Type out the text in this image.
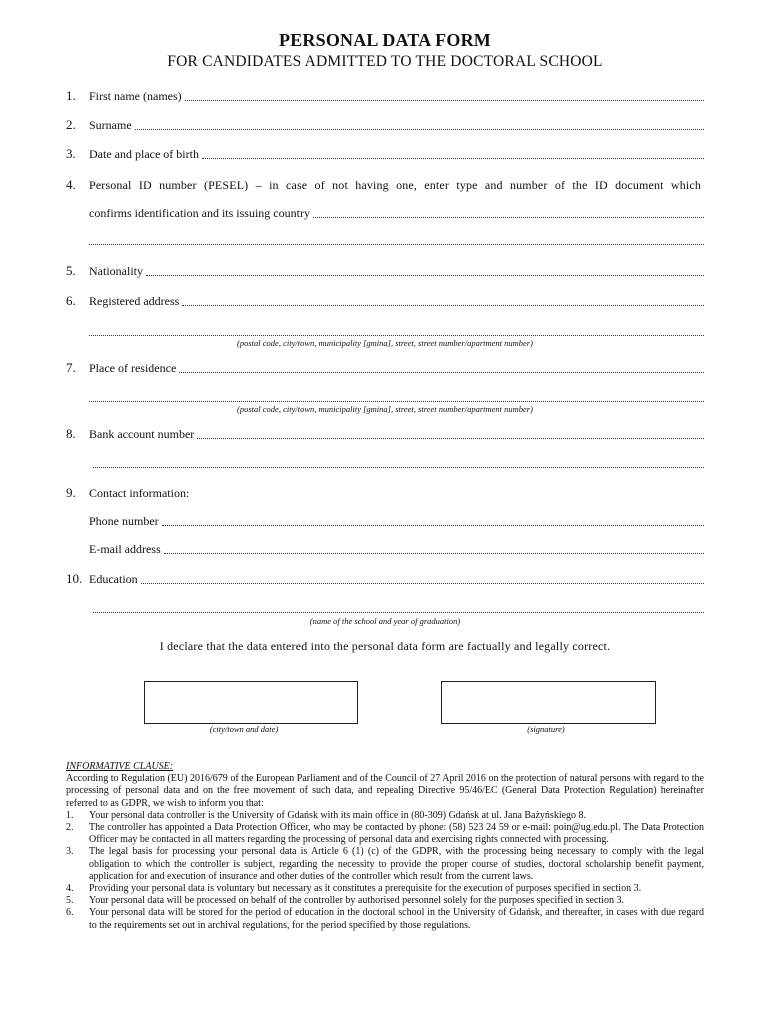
PERSONAL DATA FORM
FOR CANDIDATES ADMITTED TO THE DOCTORAL SCHOOL
1.	First name (names)
2.	Surname
3.	Date and place of birth
4.	Personal ID number (PESEL) – in case of not having one, enter type and number of the ID document which
confirms identification and its issuing country
5.	Nationality
6.	Registered address
(postal code, city/town, municipality [gmina], street, street number/apartment number)
7.	Place of residence
(postal code, city/town, municipality [gmina], street, street number/apartment number)
8.	Bank account number
9.	Contact information:
Phone number
E-mail address
10. Education
(name of the school and year of graduation)
I declare that the data entered into the personal data form are factually and legally correct.
(city/town and date)	(signature)
INFORMATIVE CLAUSE:
According to Regulation (EU) 2016/679 of the European Parliament and of the Council of 27 April 2016 on the protection of natural persons with regard to the processing of personal data and on the free movement of such data, and repealing Directive 95/46/EC (General Data Protection Regulation) hereinafter referred to as GDPR, we wish to inform you that:
1.	Your personal data controller is the University of Gdańsk with its main office in (80-309) Gdańsk at ul. Jana Bażyńskiego 8.
2.	The controller has appointed a Data Protection Officer, who may be contacted by phone: (58) 523 24 59 or e-mail: poin@ug.edu.pl. The Data Protection Officer may be contacted in all matters regarding the processing of personal data and exercising rights connected with processing.
3.	The legal basis for processing your personal data is Article 6 (1) (c) of the GDPR, with the processing being necessary to comply with the legal obligation to which the controller is subject, regarding the necessity to provide the proper course of studies, doctoral scholarship benefit payment, application for and execution of insurance and other duties of the controller which result from the current laws.
4.	Providing your personal data is voluntary but necessary as it constitutes a prerequisite for the execution of purposes specified in section 3.
5.	Your personal data will be processed on behalf of the controller by authorised personnel solely for the purposes specified in section 3.
6.	Your personal data will be stored for the period of education in the doctoral school in the University of Gdańsk, and thereafter, in cases with due regard to the requirements set out in archival regulations, for the period specified by those regulations.
